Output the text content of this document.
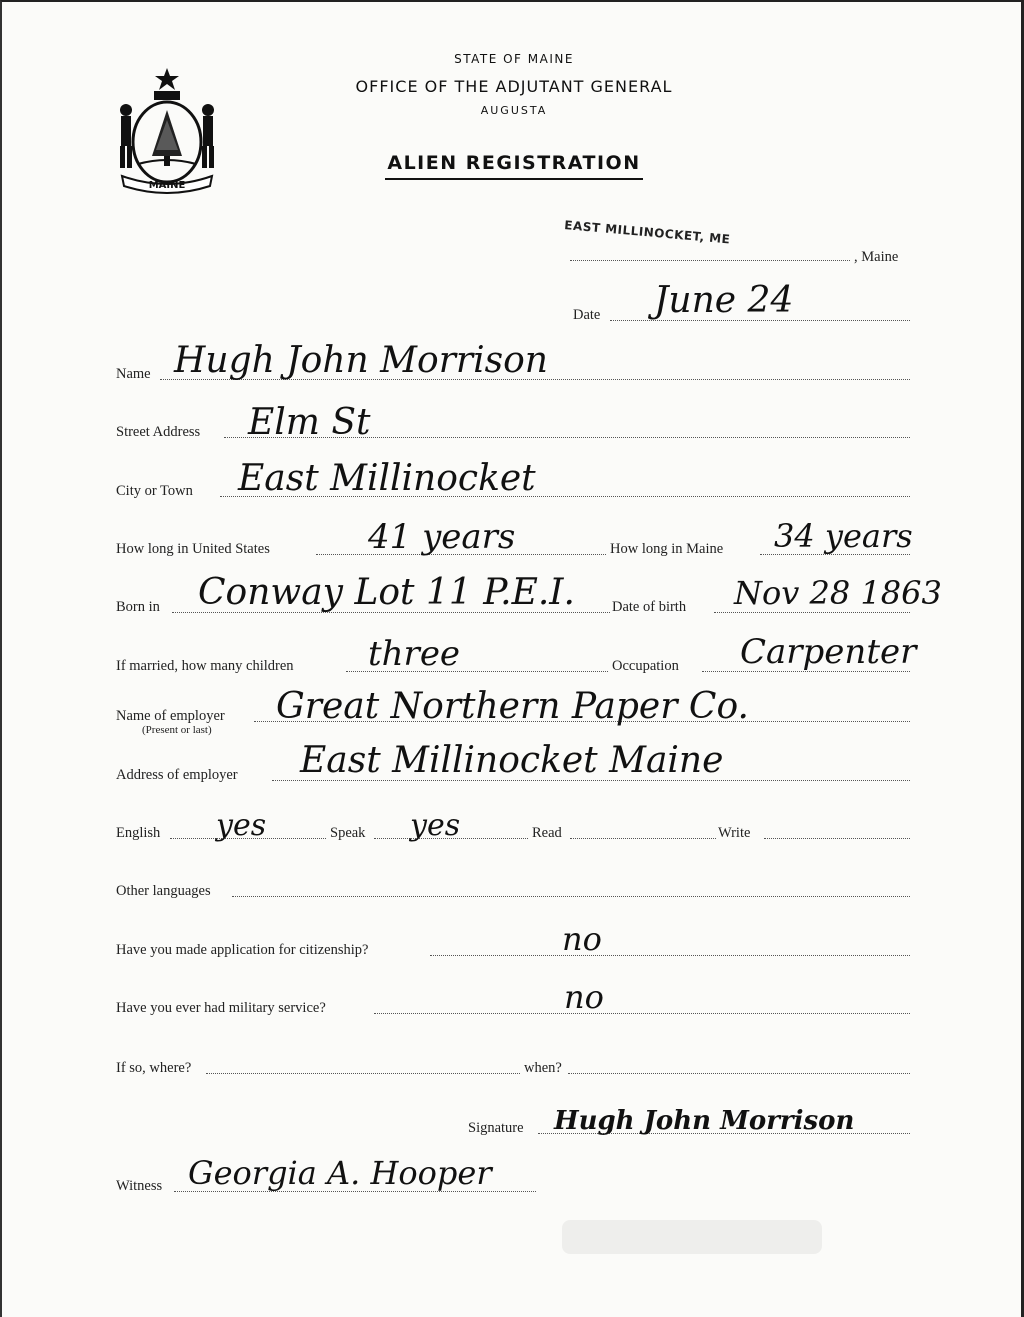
MAINE
STATE OF MAINE
OFFICE OF THE ADJUTANT GENERAL
AUGUSTA
ALIEN REGISTRATION
EAST MILLINOCKET, ME
, Maine
Date June 24
Name Hugh John Morrison
Street Address Elm St
City or Town East Millinocket
How long in United States	41 years	How long in Maine 34 years
Born in Conway Lot 11 P.E.I.	Date of birth Nov 28 1863
If married, how many children three	Occupation Carpenter
Name of employer
(Present or last)
Great Northern Paper Co.
Address of employer East Millinocket Maine
English yes	Speak yes	Read	Write
Other languages
Have you made application for citizenship?	no
Have you ever had military service?	no
If so, where?	when?
Signature Hugh John Morrison
Witness Georgia A. Hooper
